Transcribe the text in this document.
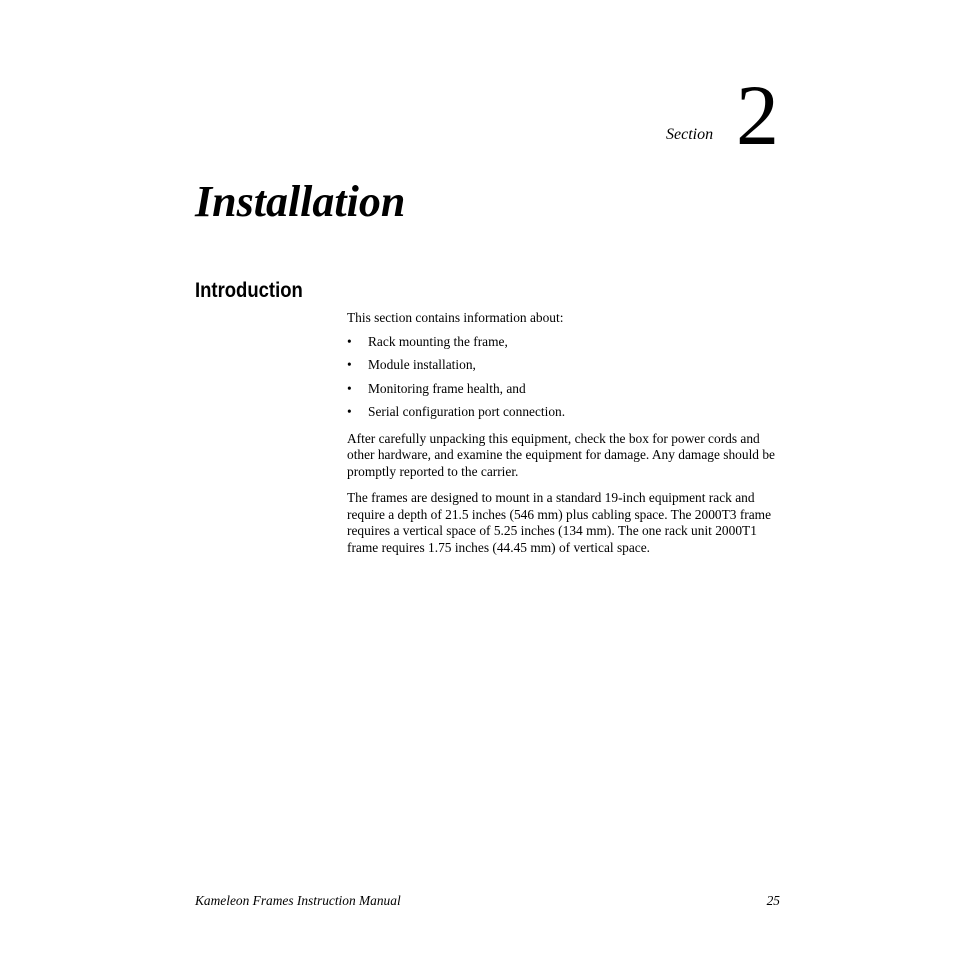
Section 2
Installation
Introduction

This section contains information about:

• Rack mounting the frame,
• Module installation,
• Monitoring frame health, and
• Serial configuration port connection.

After carefully unpacking this equipment, check the box for power cords and other hardware, and examine the equipment for damage. Any damage should be promptly reported to the carrier.

The frames are designed to mount in a standard 19-inch equipment rack and require a depth of 21.5 inches (546 mm) plus cabling space. The 2000T3 frame requires a vertical space of 5.25 inches (134 mm). The one rack unit 2000T1 frame requires 1.75 inches (44.45 mm) of vertical space.

Kameleon Frames Instruction Manual	25
